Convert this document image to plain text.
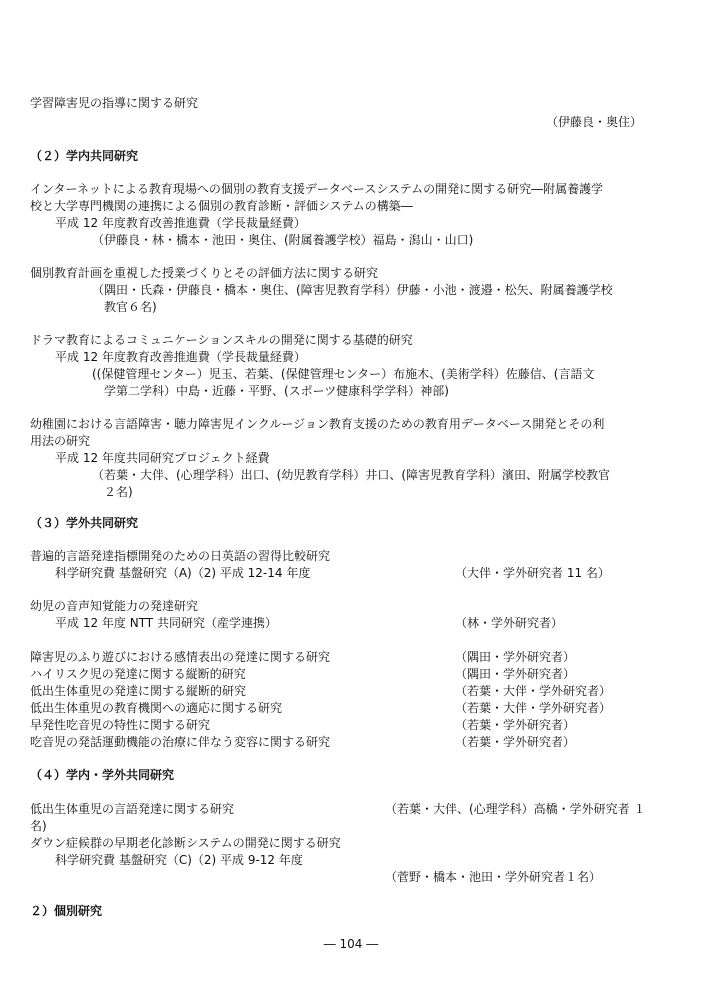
学習障害児の指導に関する研究

（伊藤良・奥住）

（２）学内共同研究

インターネットによる教育現場への個別の教育支援データベースシステムの開発に関する研究―附属養護学

校と大学専門機関の連携による個別の教育診断・評価システムの構築―

平成 12 年度教育改善推進費（学長裁量経費）

（伊藤良・林・橋本・池田・奥住、(附属養護学校）福島・潟山・山口)

個別教育計画を重視した授業づくりとその評価方法に関する研究

（隅田・氏森・伊藤良・橋本・奥住、(障害児教育学科）伊藤・小池・渡邉・松矢、附属養護学校

教官６名)

ドラマ教育によるコミュニケーションスキルの開発に関する基礎的研究

平成 12 年度教育改善推進費（学長裁量経費）

((保健管理センター）児玉、若葉、(保健管理センター）布施木、(美術学科）佐藤信、(言語文

学第二学科）中島・近藤・平野、(スポーツ健康科学学科）神部)

幼稚園における言語障害・聴力障害児インクルージョン教育支援のための教育用データベース開発とその利

用法の研究

平成 12 年度共同研究プロジェクト経費

（若葉・大伴、(心理学科）出口、(幼児教育学科）井口、(障害児教育学科）濱田、附属学校教官

２名)

（３）学外共同研究

普遍的言語発達指標開発のための日英語の習得比較研究

科学研究費 基盤研究（A)（2) 平成 12-14 年度	（大伴・学外研究者 11 名）

幼児の音声知覚能力の発達研究

平成 12 年度 NTT 共同研究（産学連携）	（林・学外研究者）

障害児のふり遊びにおける感情表出の発達に関する研究	（隅田・学外研究者）

ハイリスク児の発達に関する縦断的研究	（隅田・学外研究者）

低出生体重児の発達に関する縦断的研究	（若葉・大伴・学外研究者）

低出生体重児の教育機関への適応に関する研究	（若葉・大伴・学外研究者）

早発性吃音児の特性に関する研究	（若葉・学外研究者）

吃音児の発話運動機能の治療に伴なう変容に関する研究	（若葉・学外研究者）

（４）学内・学外共同研究

低出生体重児の言語発達に関する研究	（若葉・大伴、(心理学科）高橋・学外研究者 １

名)

ダウン症候群の早期老化診断システムの開発に関する研究

科学研究費 基盤研究（C)（2) 平成 9-12 年度

（菅野・橋本・池田・学外研究者１名）

２）個別研究

― 104 ―
